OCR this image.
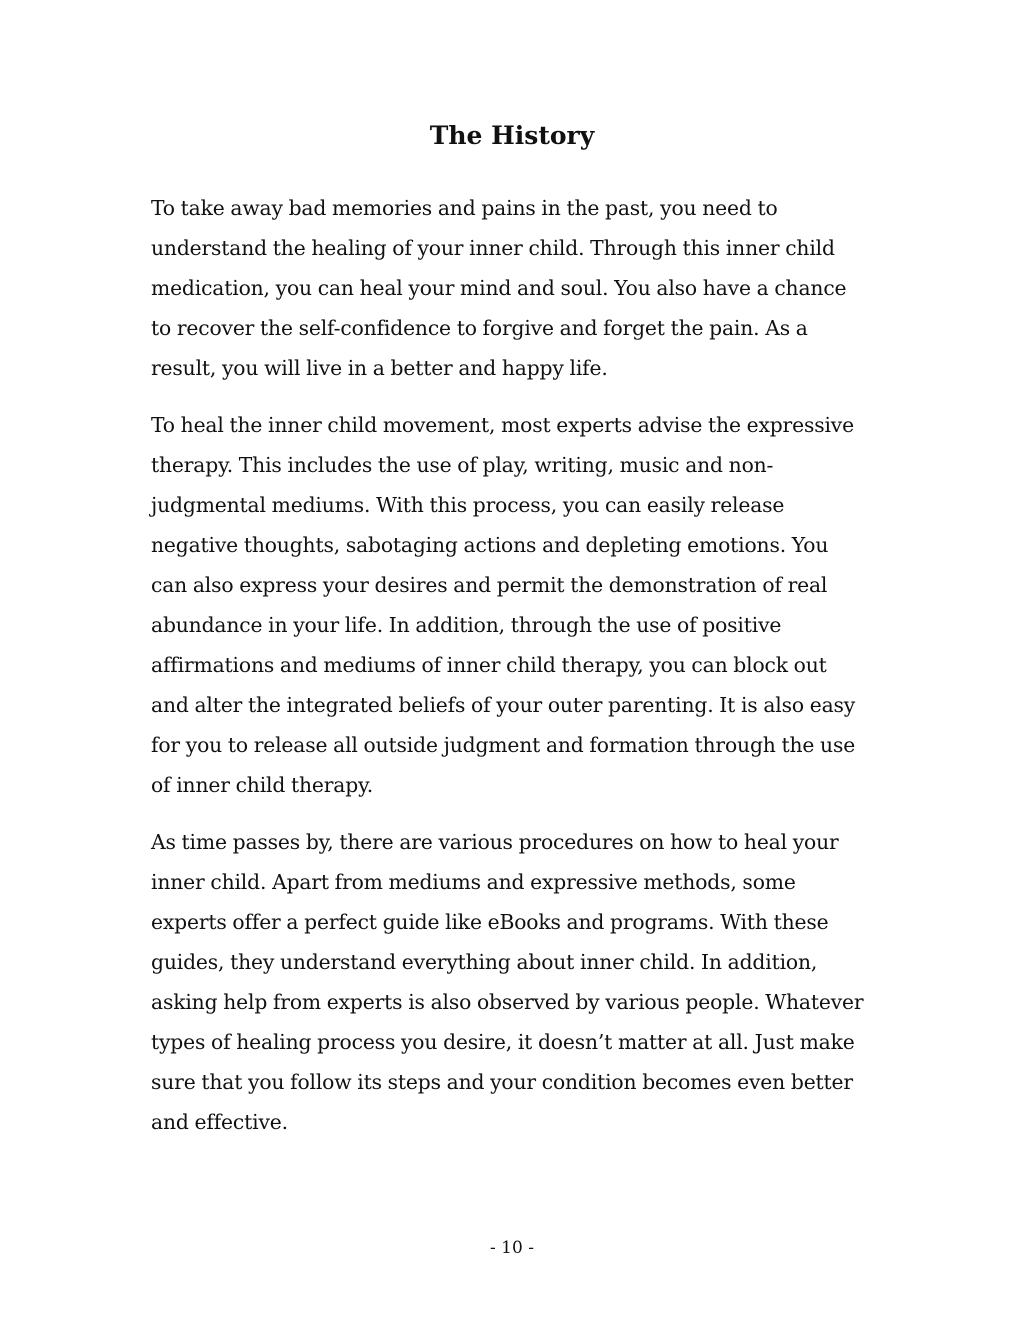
The History

To take away bad memories and pains in the past, you need to
understand the healing of your inner child. Through this inner child
medication, you can heal your mind and soul. You also have a chance
to recover the self-confidence to forgive and forget the pain. As a
result, you will live in a better and happy life.

To heal the inner child movement, most experts advise the expressive
therapy. This includes the use of play, writing, music and non-
judgmental mediums. With this process, you can easily release
negative thoughts, sabotaging actions and depleting emotions. You
can also express your desires and permit the demonstration of real
abundance in your life. In addition, through the use of positive
affirmations and mediums of inner child therapy, you can block out
and alter the integrated beliefs of your outer parenting. It is also easy
for you to release all outside judgment and formation through the use
of inner child therapy.

As time passes by, there are various procedures on how to heal your
inner child. Apart from mediums and expressive methods, some
experts offer a perfect guide like eBooks and programs. With these
guides, they understand everything about inner child. In addition,
asking help from experts is also observed by various people. Whatever
types of healing process you desire, it doesn’t matter at all. Just make
sure that you follow its steps and your condition becomes even better
and effective.

- 10 -
